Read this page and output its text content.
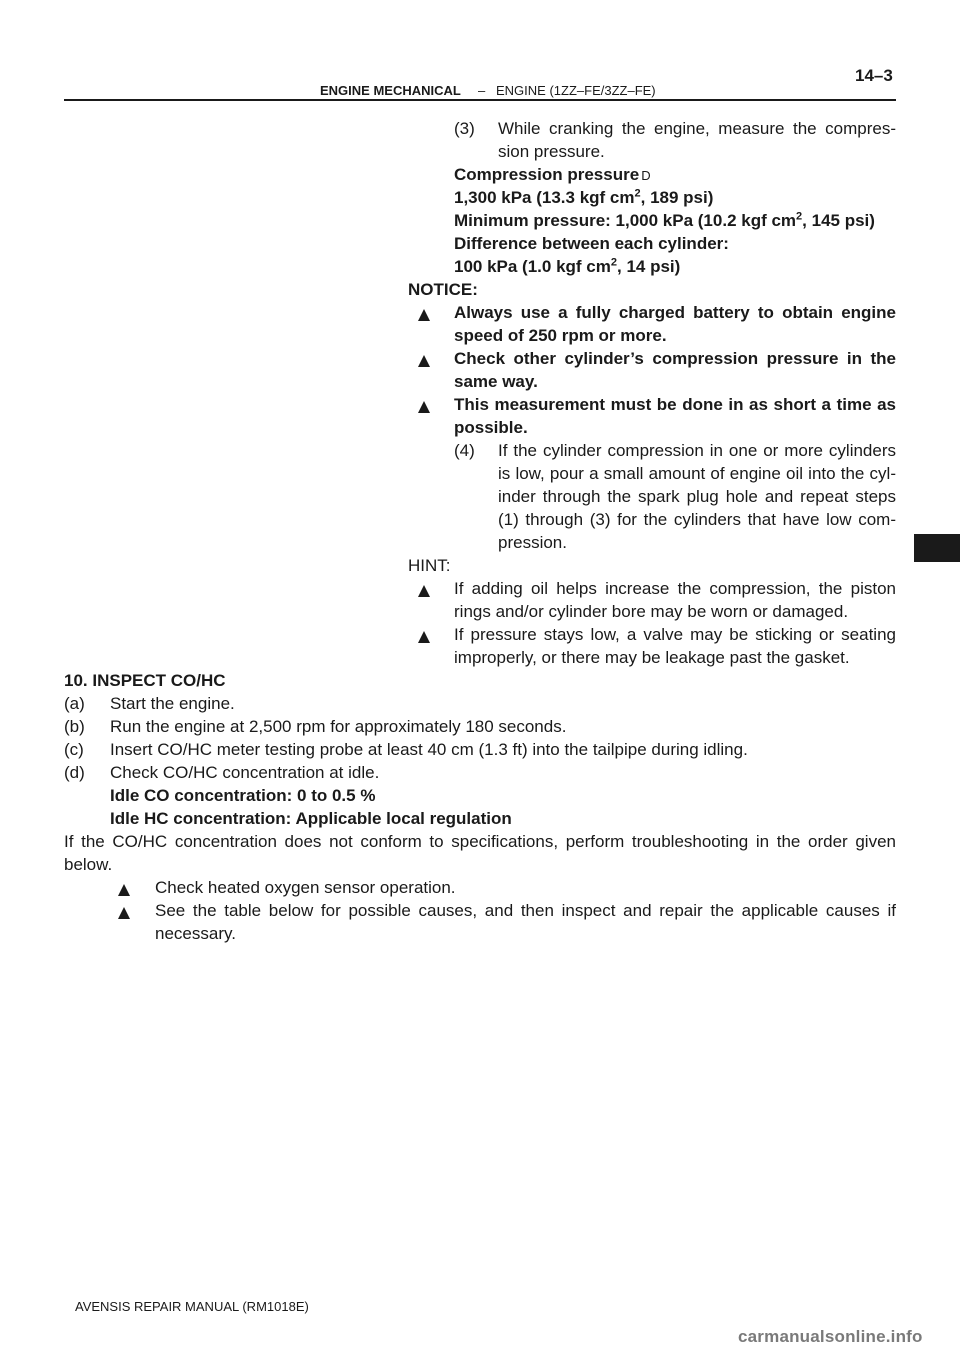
ENGINE MECHANICAL – ENGINE (1ZZ–FE/3ZZ–FE)
14–3
(3) While cranking the engine, measure the compres-
sion pressure.
Compression pressure D
1,300 kPa (13.3 kgf $cm^2$, 189 psi)
Minimum pressure: 1,000 kPa (10.2 kgf $cm^2$, 145 psi)
Difference between each cylinder:
100 kPa (1.0 kgf $cm^2$, 14 psi)
NOTICE:
Always use a fully charged battery to obtain engine
speed of 250 rpm or more.
Check other cylinder’s compression pressure in the
same way.
This measurement must be done in as short a time as
possible.
(4) If the cylinder compression in one or more cylinders
is low, pour a small amount of engine oil into the cyl-
inder through the spark plug hole and repeat steps
(1) through (3) for the cylinders that have low com-
pression.
HINT:
If adding oil helps increase the compression, the piston
rings and/or cylinder bore may be worn or damaged.
If pressure stays low, a valve may be sticking or seating
improperly, or there may be leakage past the gasket.
10. INSPECT CO/HC
(a) Start the engine.
(b) Run the engine at 2,500 rpm for approximately 180 seconds.
(c) Insert CO/HC meter testing probe at least 40 cm (1.3 ft) into the tailpipe during idling.
(d) Check CO/HC concentration at idle.
Idle CO concentration: 0 to 0.5 %
Idle HC concentration: Applicable local regulation
If the CO/HC concentration does not conform to specifications, perform troubleshooting in the order given
below.
Check heated oxygen sensor operation.
See the table below for possible causes, and then inspect and repair the applicable causes if
necessary.
AVENSIS REPAIR MANUAL (RM1018E)
carmanualsonline.info
